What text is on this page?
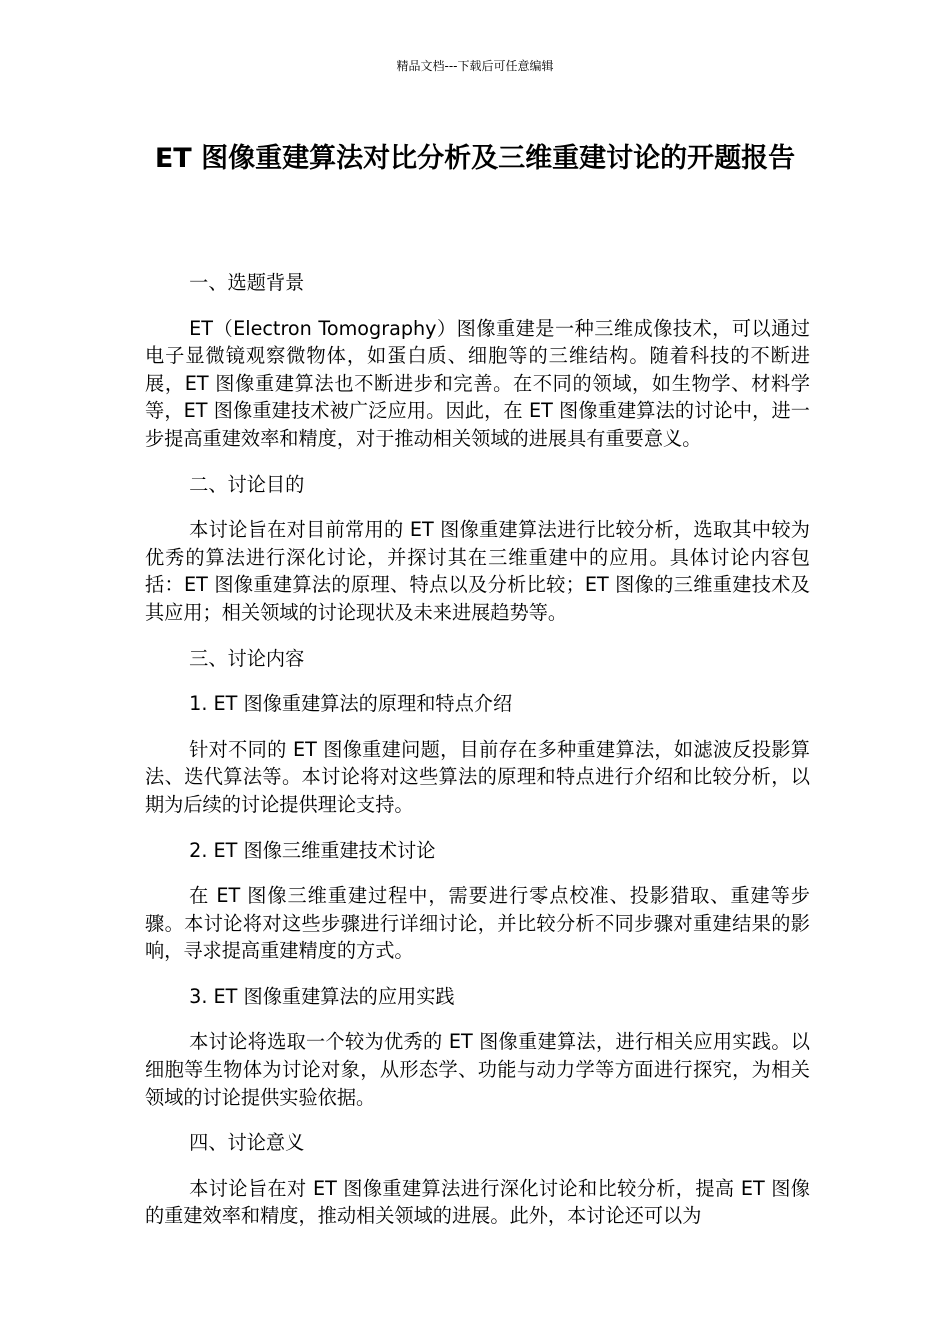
精品文档---下载后可任意编辑
ET 图像重建算法对比分析及三维重建讨论的开题报告

一、选题背景

ET（Electron Tomography）图像重建是一种三维成像技术，可以通过电子显微镜观察微物体，如蛋白质、细胞等的三维结构。随着科技的不断进展，ET 图像重建算法也不断进步和完善。在不同的领域，如生物学、材料学等，ET 图像重建技术被广泛应用。因此，在 ET 图像重建算法的讨论中，进一步提高重建效率和精度，对于推动相关领域的进展具有重要意义。

二、讨论目的

本讨论旨在对目前常用的 ET 图像重建算法进行比较分析，选取其中较为优秀的算法进行深化讨论，并探讨其在三维重建中的应用。具体讨论内容包括：ET 图像重建算法的原理、特点以及分析比较；ET 图像的三维重建技术及其应用；相关领域的讨论现状及未来进展趋势等。

三、讨论内容

1. ET 图像重建算法的原理和特点介绍

针对不同的 ET 图像重建问题，目前存在多种重建算法，如滤波反投影算法、迭代算法等。本讨论将对这些算法的原理和特点进行介绍和比较分析，以期为后续的讨论提供理论支持。

2. ET 图像三维重建技术讨论

在 ET 图像三维重建过程中，需要进行零点校准、投影猎取、重建等步骤。本讨论将对这些步骤进行详细讨论，并比较分析不同步骤对重建结果的影响，寻求提高重建精度的方式。

3. ET 图像重建算法的应用实践

本讨论将选取一个较为优秀的 ET 图像重建算法，进行相关应用实践。以细胞等生物体为讨论对象，从形态学、功能与动力学等方面进行探究，为相关领域的讨论提供实验依据。

四、讨论意义

本讨论旨在对 ET 图像重建算法进行深化讨论和比较分析，提高 ET 图像的重建效率和精度，推动相关领域的进展。此外，本讨论还可以为
